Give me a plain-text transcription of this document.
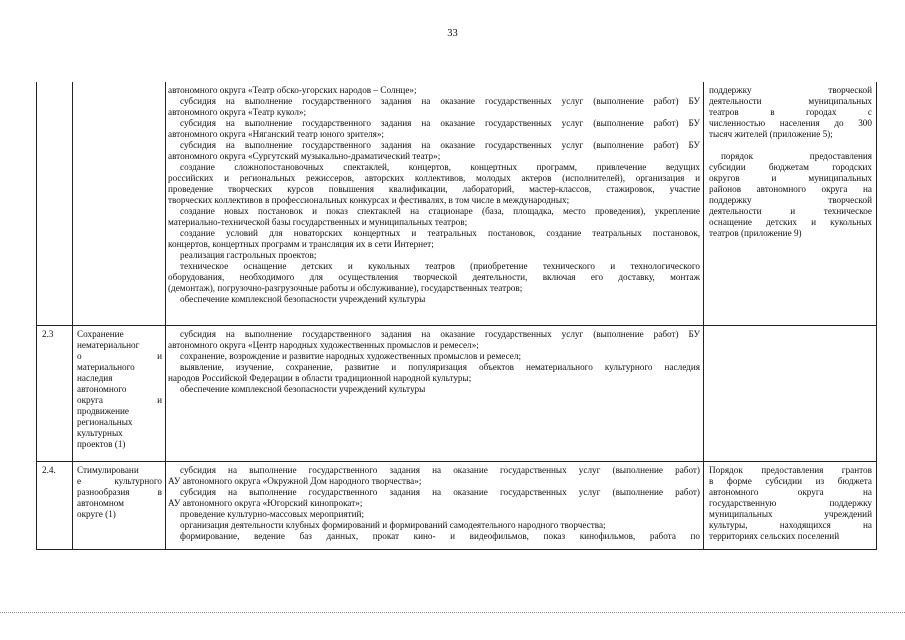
33
автономного округа «Театр обско-угорских народов – Солнце»;
субсидия на выполнение государственного задания на оказание государственных услуг (выполнение работ) БУ
автономного округа «Театр кукол»;
субсидия на выполнение государственного задания на оказание государственных услуг (выполнение работ) БУ
автономного округа «Няганский театр юного зрителя»;
субсидия на выполнение государственного задания на оказание государственных услуг (выполнение работ) БУ
автономного округа «Сургутский музыкально-драматический театр»;
создание сложнопостановочных спектаклей, концертов, концертных программ, привлечение ведущих
российских и региональных режиссеров, авторских коллективов, молодых актеров (исполнителей), организация и
проведение творческих курсов повышения квалификации, лабораторий, мастер-классов, стажировок, участие
творческих коллективов в профессиональных конкурсах и фестивалях, в том числе в международных;
создание новых постановок и показ спектаклей на стационаре (база, площадка, место проведения), укрепление
материально-технической базы государственных и муниципальных театров;
создание условий для новаторских концертных и театральных постановок, создание театральных постановок,
концертов, концертных программ и трансляция их в сети Интернет;
реализация гастрольных проектов;
техническое оснащение детских и кукольных театров (приобретение технического и технологического
оборудования, необходимого для осуществления творческой деятельности, включая его доставку, монтаж
(демонтаж), погрузочно-разгрузочные работы и обслуживание), государственных театров;
обеспечение комплексной безопасности учреждений культуры
поддержку творческой
деятельности муниципальных
театров в городах с
численностью населения до 300
тысяч жителей (приложение 5);
порядок предоставления
субсидии бюджетам городских
округов и муниципальных
районов автономного округа на
поддержку творческой
деятельности и техническое
оснащение детских и кукольных
театров (приложение 9)
2.3	Сохранение
нематериальног
о и
материального
наследия
автономного
округа и
продвижение
региональных
культурных
проектов (1)
субсидия на выполнение государственного задания на оказание государственных услуг (выполнение работ) БУ
автономного округа «Центр народных художественных промыслов и ремесел»;
сохранение, возрождение и развитие народных художественных промыслов и ремесел;
выявление, изучение, сохранение, развитие и популяризация объектов нематериального культурного наследия
народов Российской Федерации в области традиционной народной культуры;
обеспечение комплексной безопасности учреждений культуры
2.4. Стимулировани
е культурного
разнообразия в
автономном
округе (1)
субсидия на выполнение государственного задания на оказание государственных услуг (выполнение работ)
АУ автономного округа «Окружной Дом народного творчества»;
субсидия на выполнение государственного задания на оказание государственных услуг (выполнение работ)
АУ автономного округа «Югорский кинопрокат»;
проведение культурно-массовых мероприятий;
организация деятельности клубных формирований и формирований самодеятельного народного творчества;
формирование, ведение баз данных, прокат кино- и видеофильмов, показ кинофильмов, работа по
Порядок предоставления грантов
в форме субсидии из бюджета
автономного округа на
государственную поддержку
муниципальных учреждений
культуры, находящихся на
территориях сельских поселений
